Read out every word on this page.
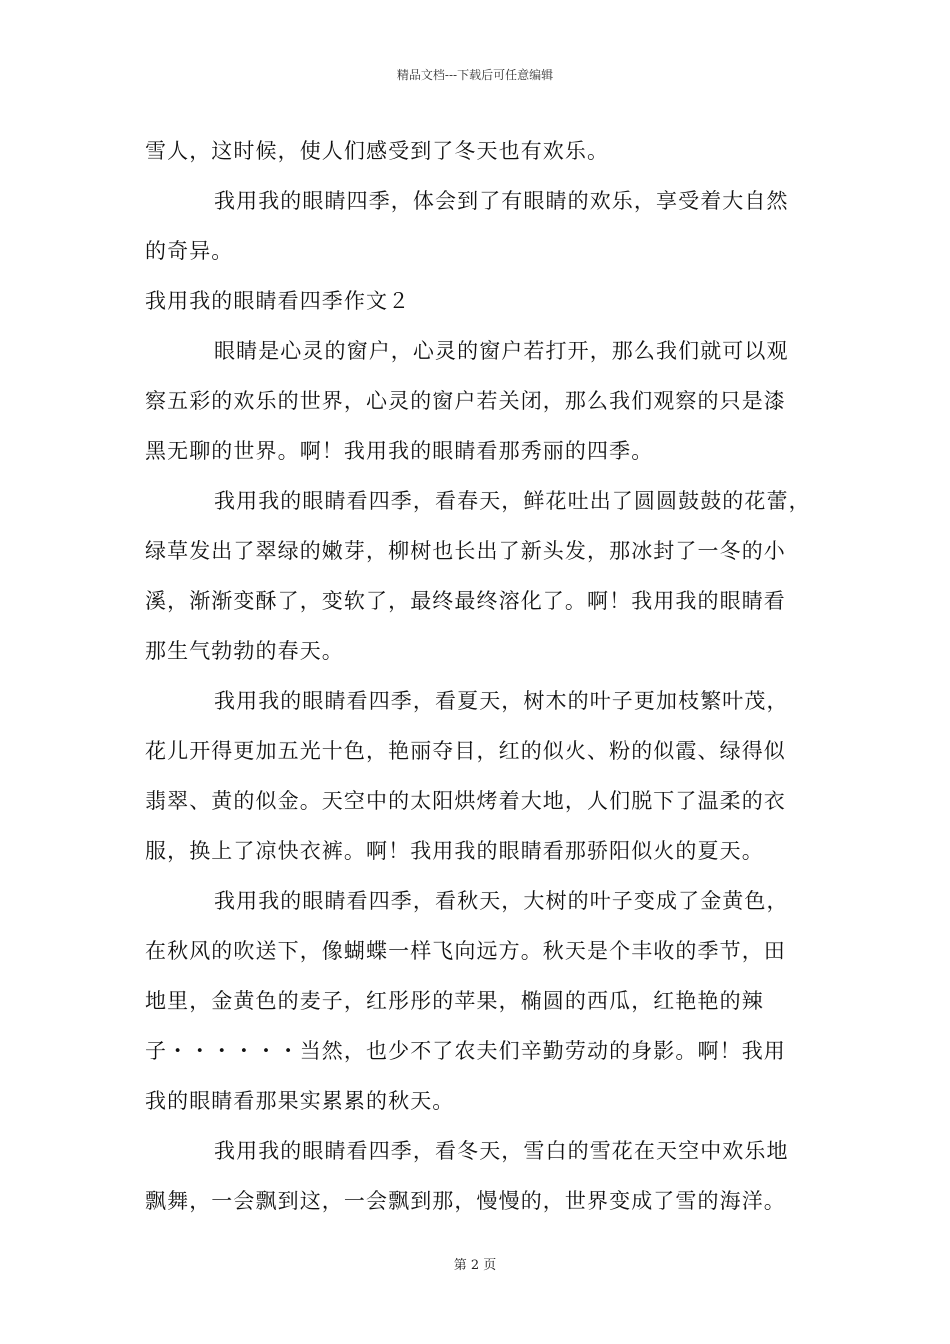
精品文档---下载后可任意编辑
雪人，这时候，使人们感受到了冬天也有欢乐。
我用我的眼睛四季，体会到了有眼睛的欢乐，享受着大自然
的奇异。
我用我的眼睛看四季作文２
眼睛是心灵的窗户，心灵的窗户若打开，那么我们就可以观
察五彩的欢乐的世界，心灵的窗户若关闭，那么我们观察的只是漆
黑无聊的世界。啊！我用我的眼睛看那秀丽的四季。
我用我的眼睛看四季，看春天，鲜花吐出了圆圆鼓鼓的花蕾，
绿草发出了翠绿的嫩芽，柳树也长出了新头发，那冰封了一冬的小
溪，渐渐变酥了，变软了，最终最终溶化了。啊！我用我的眼睛看
那生气勃勃的春天。
我用我的眼睛看四季，看夏天，树木的叶子更加枝繁叶茂，
花儿开得更加五光十色，艳丽夺目，红的似火、粉的似霞、绿得似
翡翠、黄的似金。天空中的太阳烘烤着大地，人们脱下了温柔的衣
服，换上了凉快衣裤。啊！我用我的眼睛看那骄阳似火的夏天。
我用我的眼睛看四季，看秋天，大树的叶子变成了金黄色，
在秋风的吹送下，像蝴蝶一样飞向远方。秋天是个丰收的季节，田
地里，金黄色的麦子，红彤彤的苹果，椭圆的西瓜，红艳艳的辣
子・・・・・・当然，也少不了农夫们辛勤劳动的身影。啊！我用
我的眼睛看那果实累累的秋天。
我用我的眼睛看四季，看冬天，雪白的雪花在天空中欢乐地
飘舞，一会飘到这，一会飘到那，慢慢的，世界变成了雪的海洋。
第 2 页
